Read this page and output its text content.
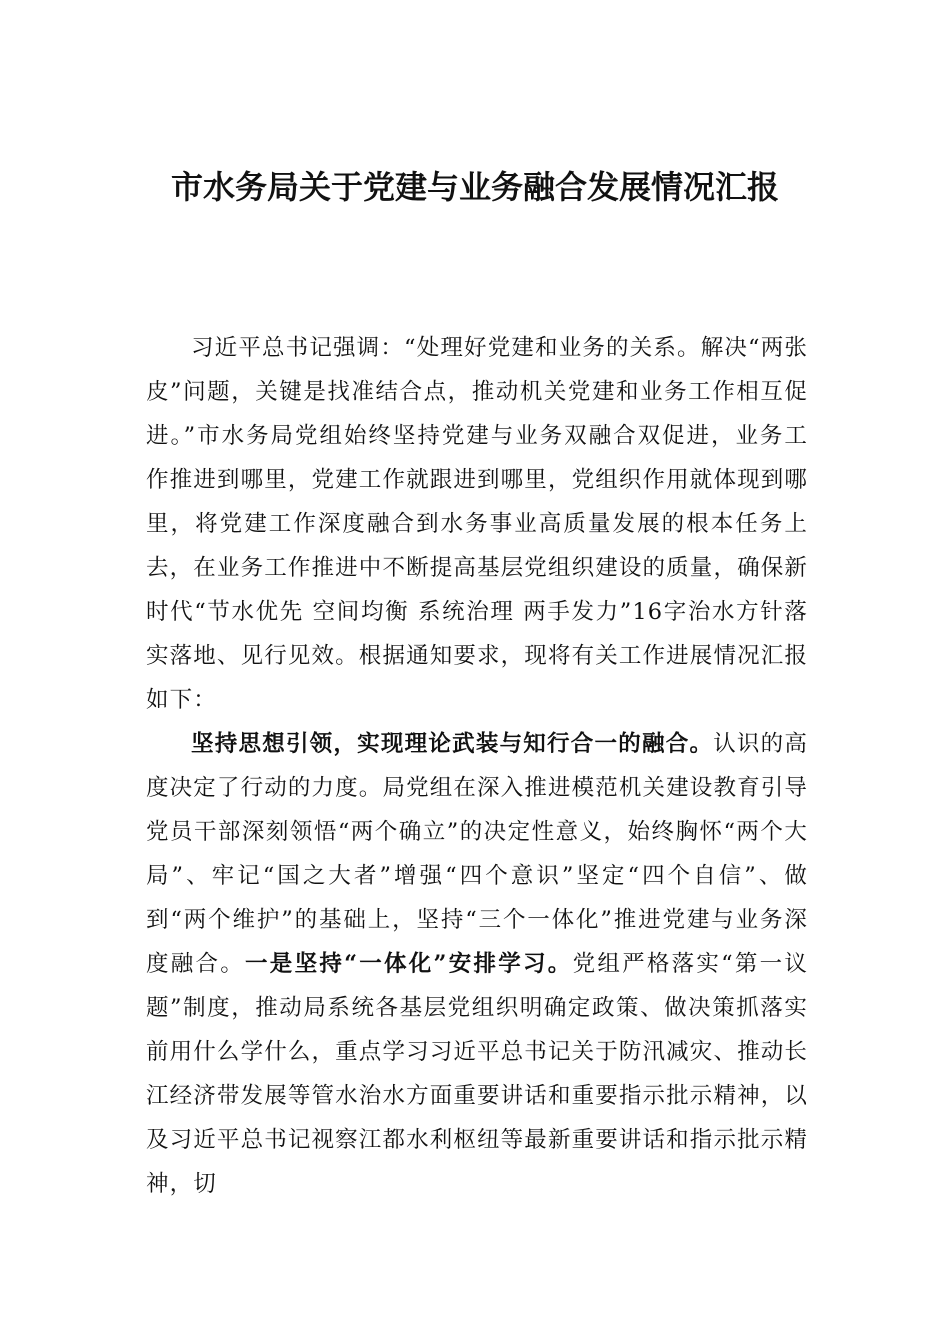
市水务局关于党建与业务融合发展情况汇报

习近平总书记强调：“处理好党建和业务的关系。解决“两张皮”问题，关键是找准结合点，推动机关党建和业务工作相互促进。”市水务局党组始终坚持党建与业务双融合双促进，业务工作推进到哪里，党建工作就跟进到哪里，党组织作用就体现到哪里，将党建工作深度融合到水务事业高质量发展的根本任务上去，在业务工作推进中不断提高基层党组织建设的质量，确保新时代“节水优先 空间均衡 系统治理 两手发力”16字治水方针落实落地、见行见效。根据通知要求，现将有关工作进展情况汇报如下：

坚持思想引领，实现理论武装与知行合一的融合。认识的高度决定了行动的力度。局党组在深入推进模范机关建设教育引导党员干部深刻领悟“两个确立”的决定性意义，始终胸怀“两个大局”、牢记“国之大者”增强“四个意识”坚定“四个自信”、做到“两个维护”的基础上，坚持“三个一体化”推进党建与业务深度融合。一是坚持“一体化”安排学习。党组严格落实“第一议题”制度，推动局系统各基层党组织明确定政策、做决策抓落实前用什么学什么，重点学习习近平总书记关于防汛减灾、推动长江经济带发展等管水治水方面重要讲话和重要指示批示精神，以及习近平总书记视察江都水利枢纽等最新重要讲话和指示批示精神，切
